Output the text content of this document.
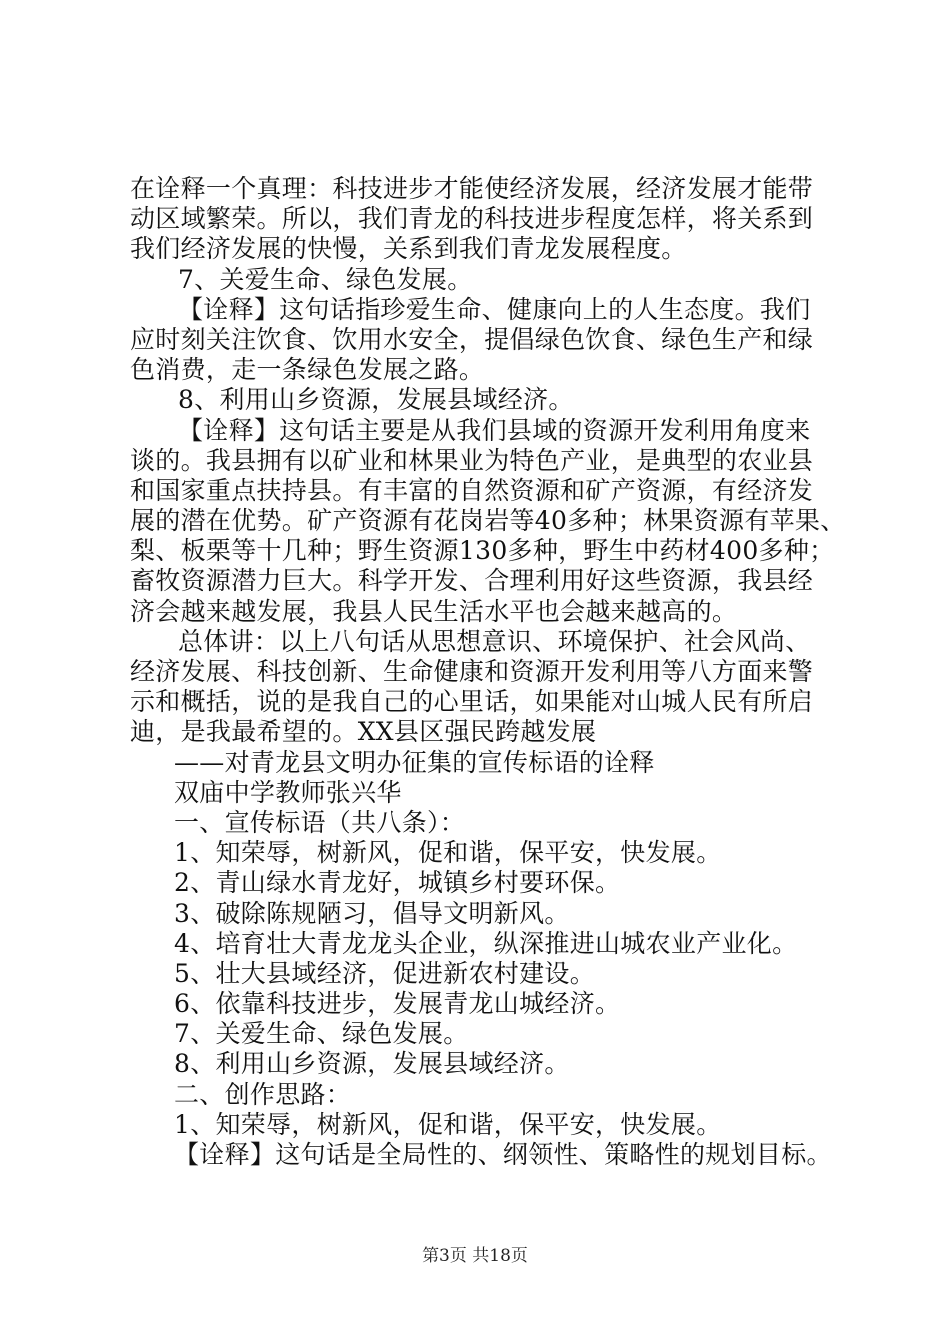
在诠释一个真理：科技进步才能使经济发展，经济发展才能带
动区域繁荣。所以，我们青龙的科技进步程度怎样，将关系到
我们经济发展的快慢，关系到我们青龙发展程度。
7、关爱生命、绿色发展。
【诠释】这句话指珍爱生命、健康向上的人生态度。我们
应时刻关注饮食、饮用水安全，提倡绿色饮食、绿色生产和绿
色消费，走一条绿色发展之路。
8、利用山乡资源，发展县域经济。
【诠释】这句话主要是从我们县域的资源开发利用角度来
谈的。我县拥有以矿业和林果业为特色产业，是典型的农业县
和国家重点扶持县。有丰富的自然资源和矿产资源，有经济发
展的潜在优势。矿产资源有花岗岩等40多种；林果资源有苹果、
梨、板栗等十几种；野生资源130多种，野生中药材400多种；
畜牧资源潜力巨大。科学开发、合理利用好这些资源，我县经
济会越来越发展，我县人民生活水平也会越来越高的。
总体讲：以上八句话从思想意识、环境保护、社会风尚、
经济发展、科技创新、生命健康和资源开发利用等八方面来警
示和概括，说的是我自己的心里话，如果能对山城人民有所启
迪，是我最希望的。XX县区强民跨越发展
——对青龙县文明办征集的宣传标语的诠释
双庙中学教师张兴华
一、宣传标语（共八条）：
1、知荣辱，树新风，促和谐，保平安，快发展。
2、青山绿水青龙好，城镇乡村要环保。
3、破除陈规陋习，倡导文明新风。
4、培育壮大青龙龙头企业，纵深推进山城农业产业化。
5、壮大县域经济，促进新农村建设。
6、依靠科技进步，发展青龙山城经济。
7、关爱生命、绿色发展。
8、利用山乡资源，发展县域经济。
二、创作思路：
1、知荣辱，树新风，促和谐，保平安，快发展。
【诠释】这句话是全局性的、纲领性、策略性的规划目标。
第3页 共18页
